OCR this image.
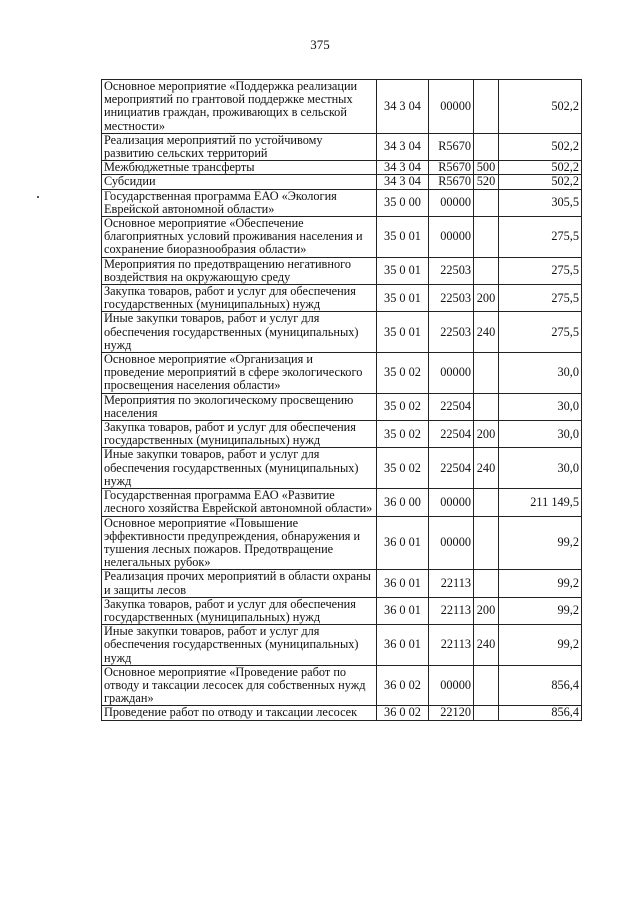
375
Основное мероприятие «Поддержка реализации мероприятий по грантовой поддержке местных инициатив граждан, проживающих в сельской местности»	34 3 04	00000		502,2
Реализация мероприятий по устойчивому развитию сельских территорий	34 3 04	R5670		502,2
Межбюджетные трансферты	34 3 04	R5670	500	502,2
Субсидии	34 3 04	R5670	520	502,2
Государственная программа ЕАО «Экология Еврейской автономной области»	35 0 00	00000		305,5
Основное мероприятие «Обеспечение благоприятных условий проживания населения и сохранение биоразнообразия области»	35 0 01	00000		275,5
Мероприятия по предотвращению негативного воздействия на окружающую среду	35 0 01	22503		275,5
Закупка товаров, работ и услуг для обеспечения государственных (муниципальных) нужд	35 0 01	22503	200	275,5
Иные закупки товаров, работ и услуг для обеспечения государственных (муниципальных) нужд	35 0 01	22503	240	275,5
Основное мероприятие «Организация и проведение мероприятий в сфере экологического просвещения населения области»	35 0 02	00000		30,0
Мероприятия по экологическому просвещению населения	35 0 02	22504		30,0
Закупка товаров, работ и услуг для обеспечения государственных (муниципальных) нужд	35 0 02	22504	200	30,0
Иные закупки товаров, работ и услуг для обеспечения государственных (муниципальных) нужд	35 0 02	22504	240	30,0
Государственная программа ЕАО «Развитие лесного хозяйства Еврейской автономной области»	36 0 00	00000		211 149,5
Основное мероприятие «Повышение эффективности предупреждения, обнаружения и тушения лесных пожаров. Предотвращение нелегальных рубок»	36 0 01	00000		99,2
Реализация прочих мероприятий в области охраны и защиты лесов	36 0 01	22113		99,2
Закупка товаров, работ и услуг для обеспечения государственных (муниципальных) нужд	36 0 01	22113	200	99,2
Иные закупки товаров, работ и услуг для обеспечения государственных (муниципальных) нужд	36 0 01	22113	240	99,2
Основное мероприятие «Проведение работ по отводу и таксации лесосек для собственных нужд граждан»	36 0 02	00000		856,4
Проведение работ по отводу и таксации лесосек	36 0 02	22120		856,4
